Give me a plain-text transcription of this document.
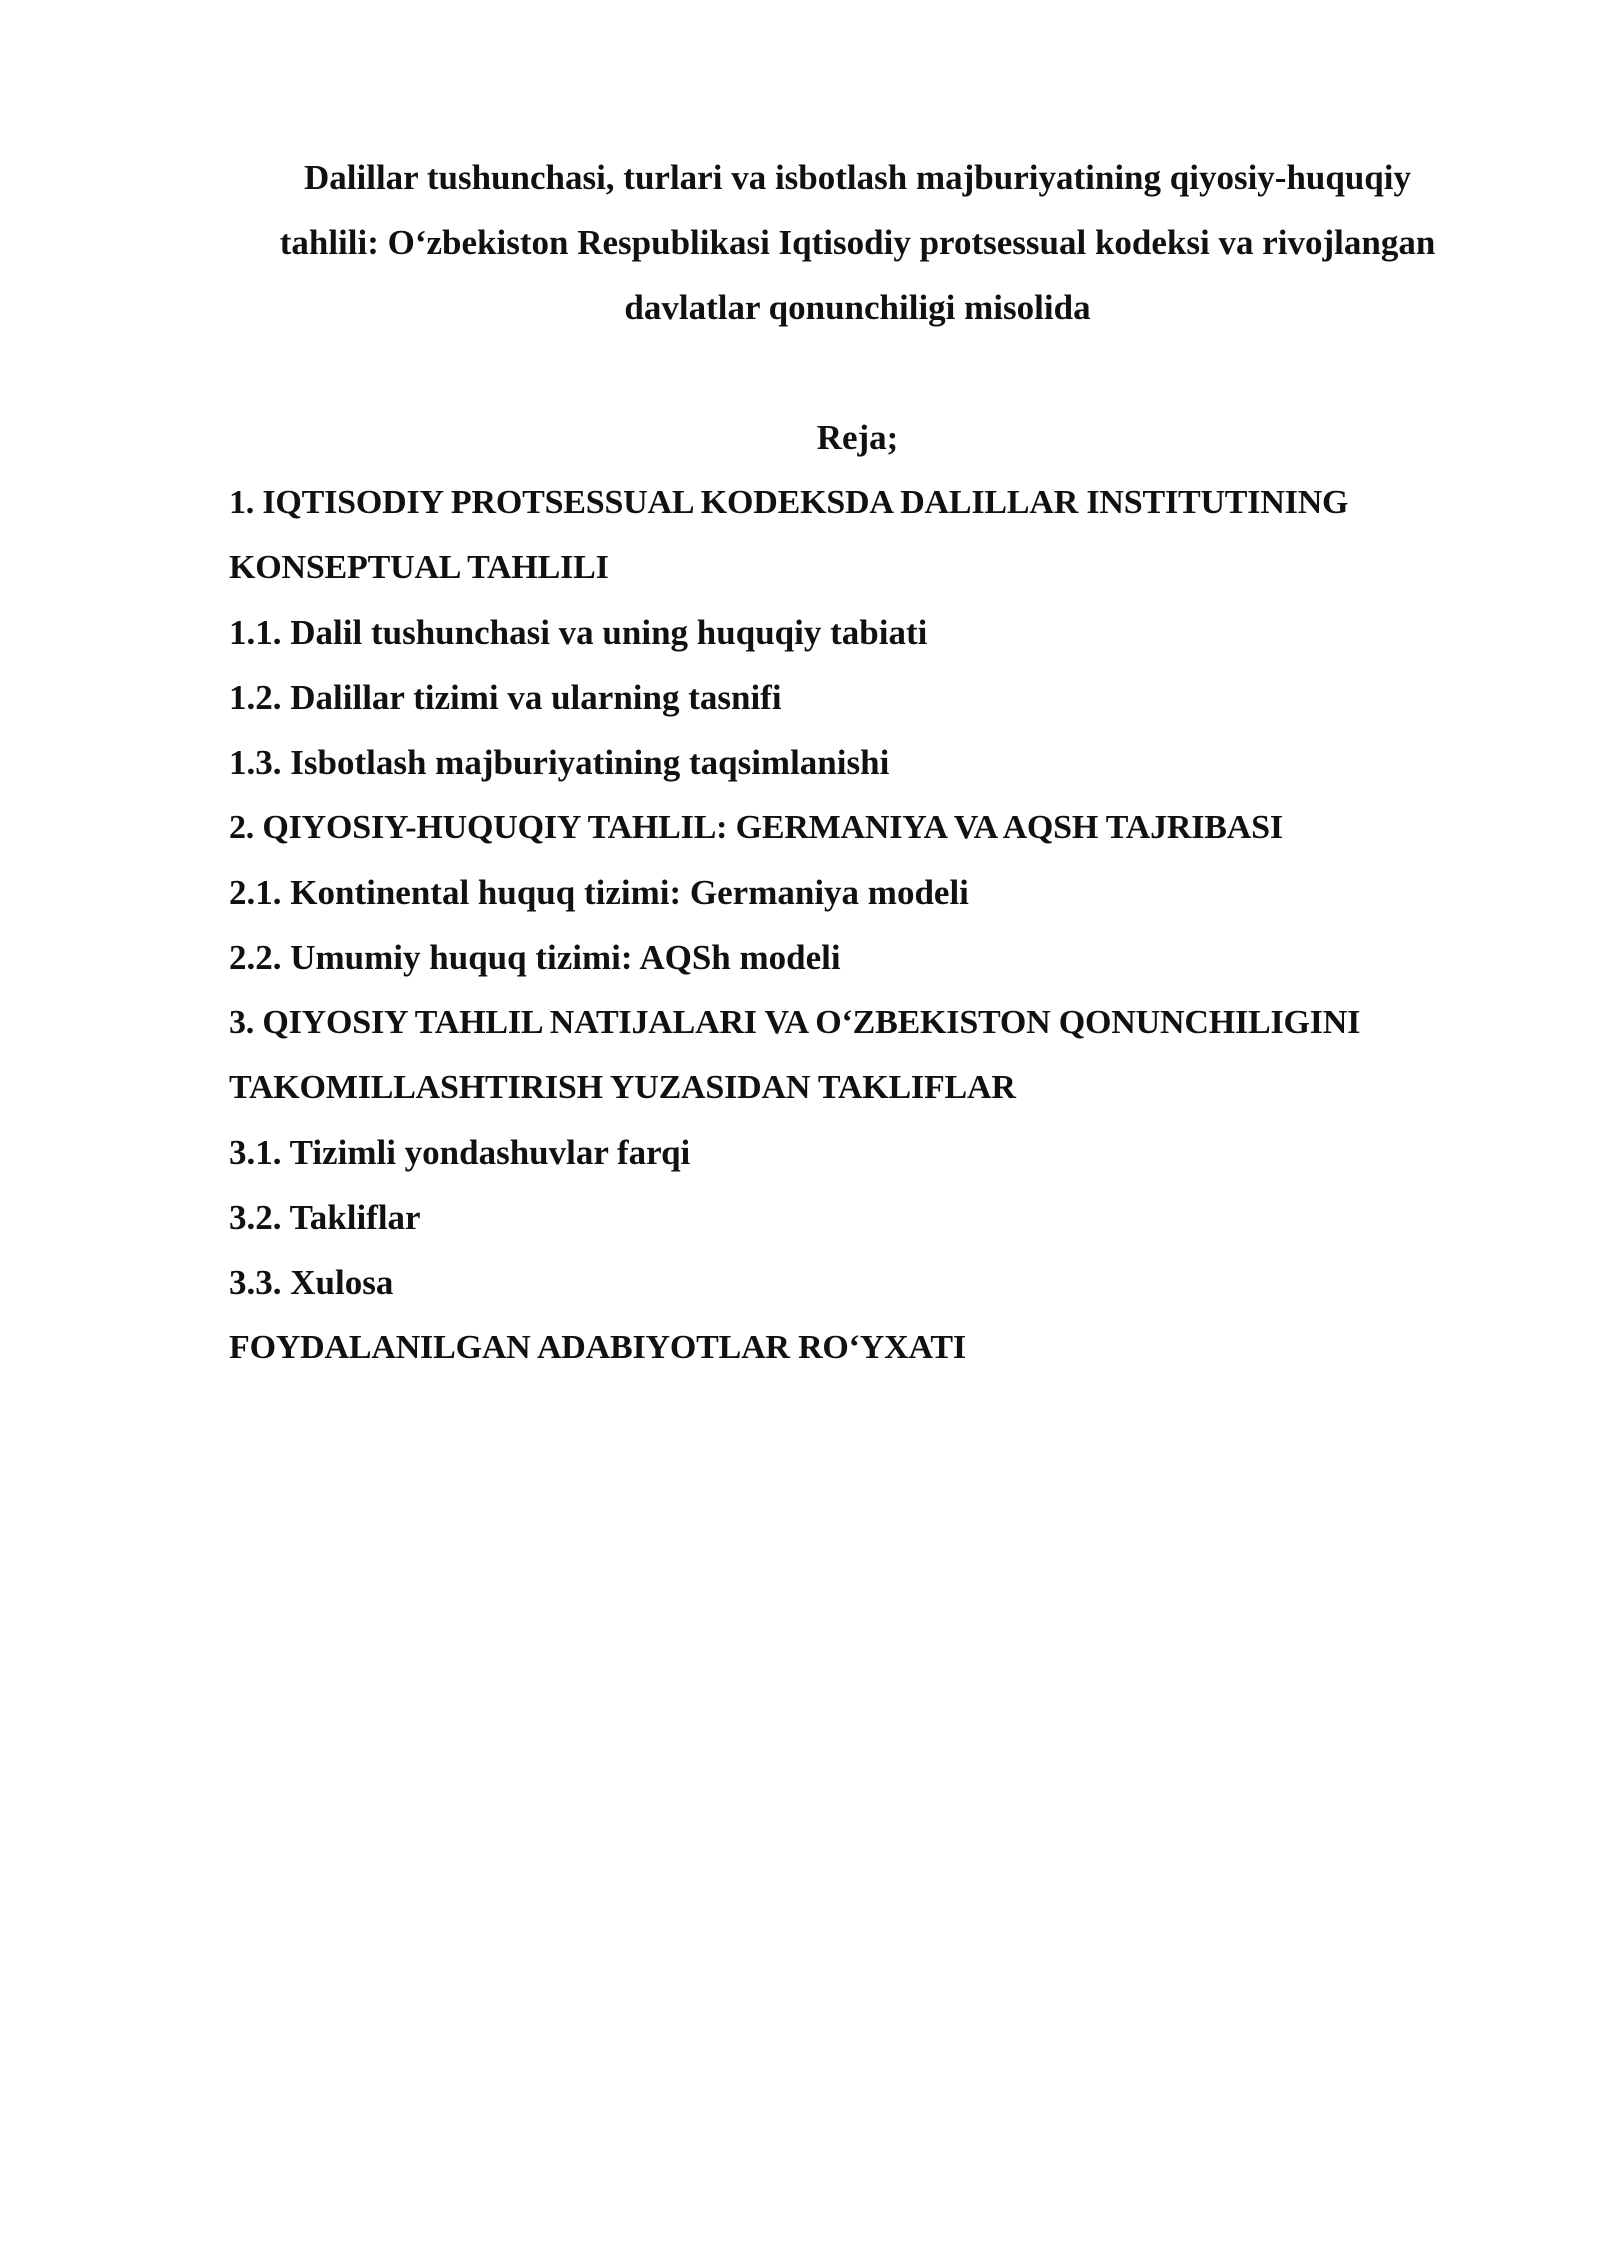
Dalillar tushunchasi, turlari va isbotlash majburiyatining qiyosiy-huquqiy
tahlili: O‘zbekiston Respublikasi Iqtisodiy protsessual kodeksi va rivojlangan
davlatlar qonunchiligi misolida
Reja;
1. IQTISODIY PROTSESSUAL KODEKSDA DALILLAR INSTITUTINING
KONSEPTUAL TAHLILI
1.1. Dalil tushunchasi va uning huquqiy tabiati
1.2. Dalillar tizimi va ularning tasnifi
1.3. Isbotlash majburiyatining taqsimlanishi
2. QIYOSIY-HUQUQIY TAHLIL: GERMANIYA VA AQSH TAJRIBASI
2.1. Kontinental huquq tizimi: Germaniya modeli
2.2. Umumiy huquq tizimi: AQSh modeli
3. QIYOSIY TAHLIL NATIJALARI VA O‘ZBEKISTON QONUNCHILIGINI
TAKOMILLASHTIRISH YUZASIDAN TAKLIFLAR
3.1. Tizimli yondashuvlar farqi
3.2. Takliflar
3.3. Xulosa
FOYDALANILGAN ADABIYOTLAR RO‘YXATI
